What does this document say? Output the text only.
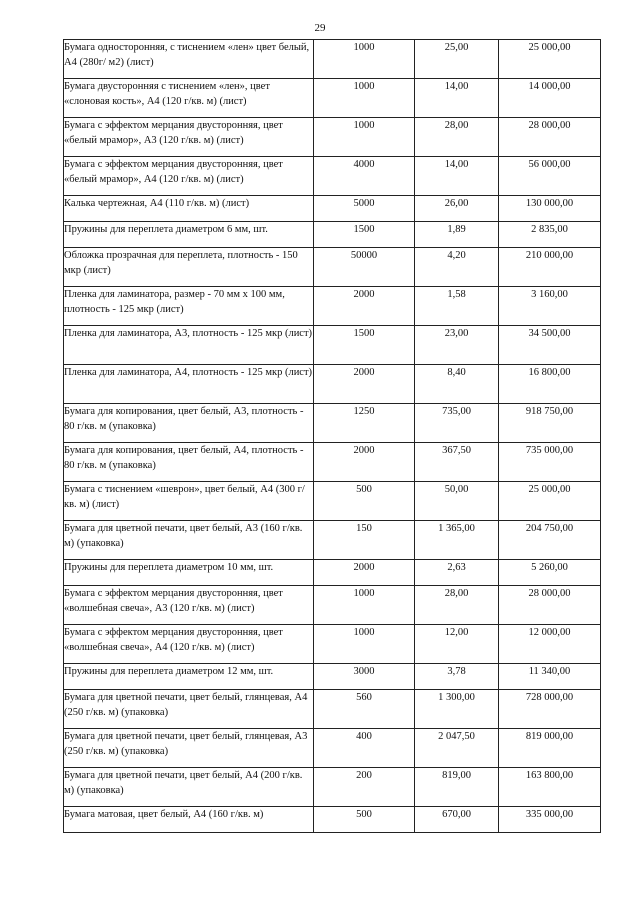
29
Бумага односторонняя, с тиснением «лен» цвет белый, А4 (280г/ м2) (лист)	1000	25,00	25 000,00
Бумага двусторонняя с тиснением «лен», цвет «слоновая кость», А4 (120 г/кв. м) (лист)	1000	14,00	14 000,00
Бумага с эффектом мерцания двусторонняя, цвет «белый мрамор», А3 (120 г/кв. м) (лист)	1000	28,00	28 000,00
Бумага с эффектом мерцания двусторонняя, цвет «белый мрамор», А4 (120 г/кв. м) (лист)	4000	14,00	56 000,00
Калька чертежная, А4 (110 г/кв. м) (лист)	5000	26,00	130 000,00
Пружины для переплета диаметром 6 мм, шт.	1500	1,89	2 835,00
Обложка прозрачная для переплета, плотность - 150 мкр (лист)	50000	4,20	210 000,00
Пленка для ламинатора, размер - 70 мм х 100 мм, плотность - 125 мкр (лист)	2000	1,58	3 160,00
Пленка для ламинатора, А3, плотность - 125 мкр (лист)	1500	23,00	34 500,00
Пленка для ламинатора, А4, плотность - 125 мкр (лист)	2000	8,40	16 800,00
Бумага для копирования, цвет белый, А3, плотность - 80 г/кв. м (упаковка)	1250	735,00	918 750,00
Бумага для копирования, цвет белый, А4, плотность - 80 г/кв. м (упаковка)	2000	367,50	735 000,00
Бумага с тиснением «шеврон», цвет белый, А4 (300 г/кв. м) (лист)	500	50,00	25 000,00
Бумага для цветной печати, цвет белый, А3 (160 г/кв. м) (упаковка)	150	1 365,00	204 750,00
Пружины для переплета диаметром 10 мм, шт.	2000	2,63	5 260,00
Бумага с эффектом мерцания двусторонняя, цвет «волшебная свеча», А3 (120 г/кв. м) (лист)	1000	28,00	28 000,00
Бумага с эффектом мерцания двусторонняя, цвет «волшебная свеча», А4 (120 г/кв. м) (лист)	1000	12,00	12 000,00
Пружины для переплета диаметром 12 мм, шт.	3000	3,78	11 340,00
Бумага для цветной печати, цвет белый, глянцевая, А4 (250 г/кв. м) (упаковка)	560	1 300,00	728 000,00
Бумага для цветной печати, цвет белый, глянцевая, А3 (250 г/кв. м) (упаковка)	400	2 047,50	819 000,00
Бумага для цветной печати, цвет белый, А4 (200 г/кв. м) (упаковка)	200	819,00	163 800,00
Бумага матовая, цвет белый, А4 (160 г/кв. м)	500	670,00	335 000,00
